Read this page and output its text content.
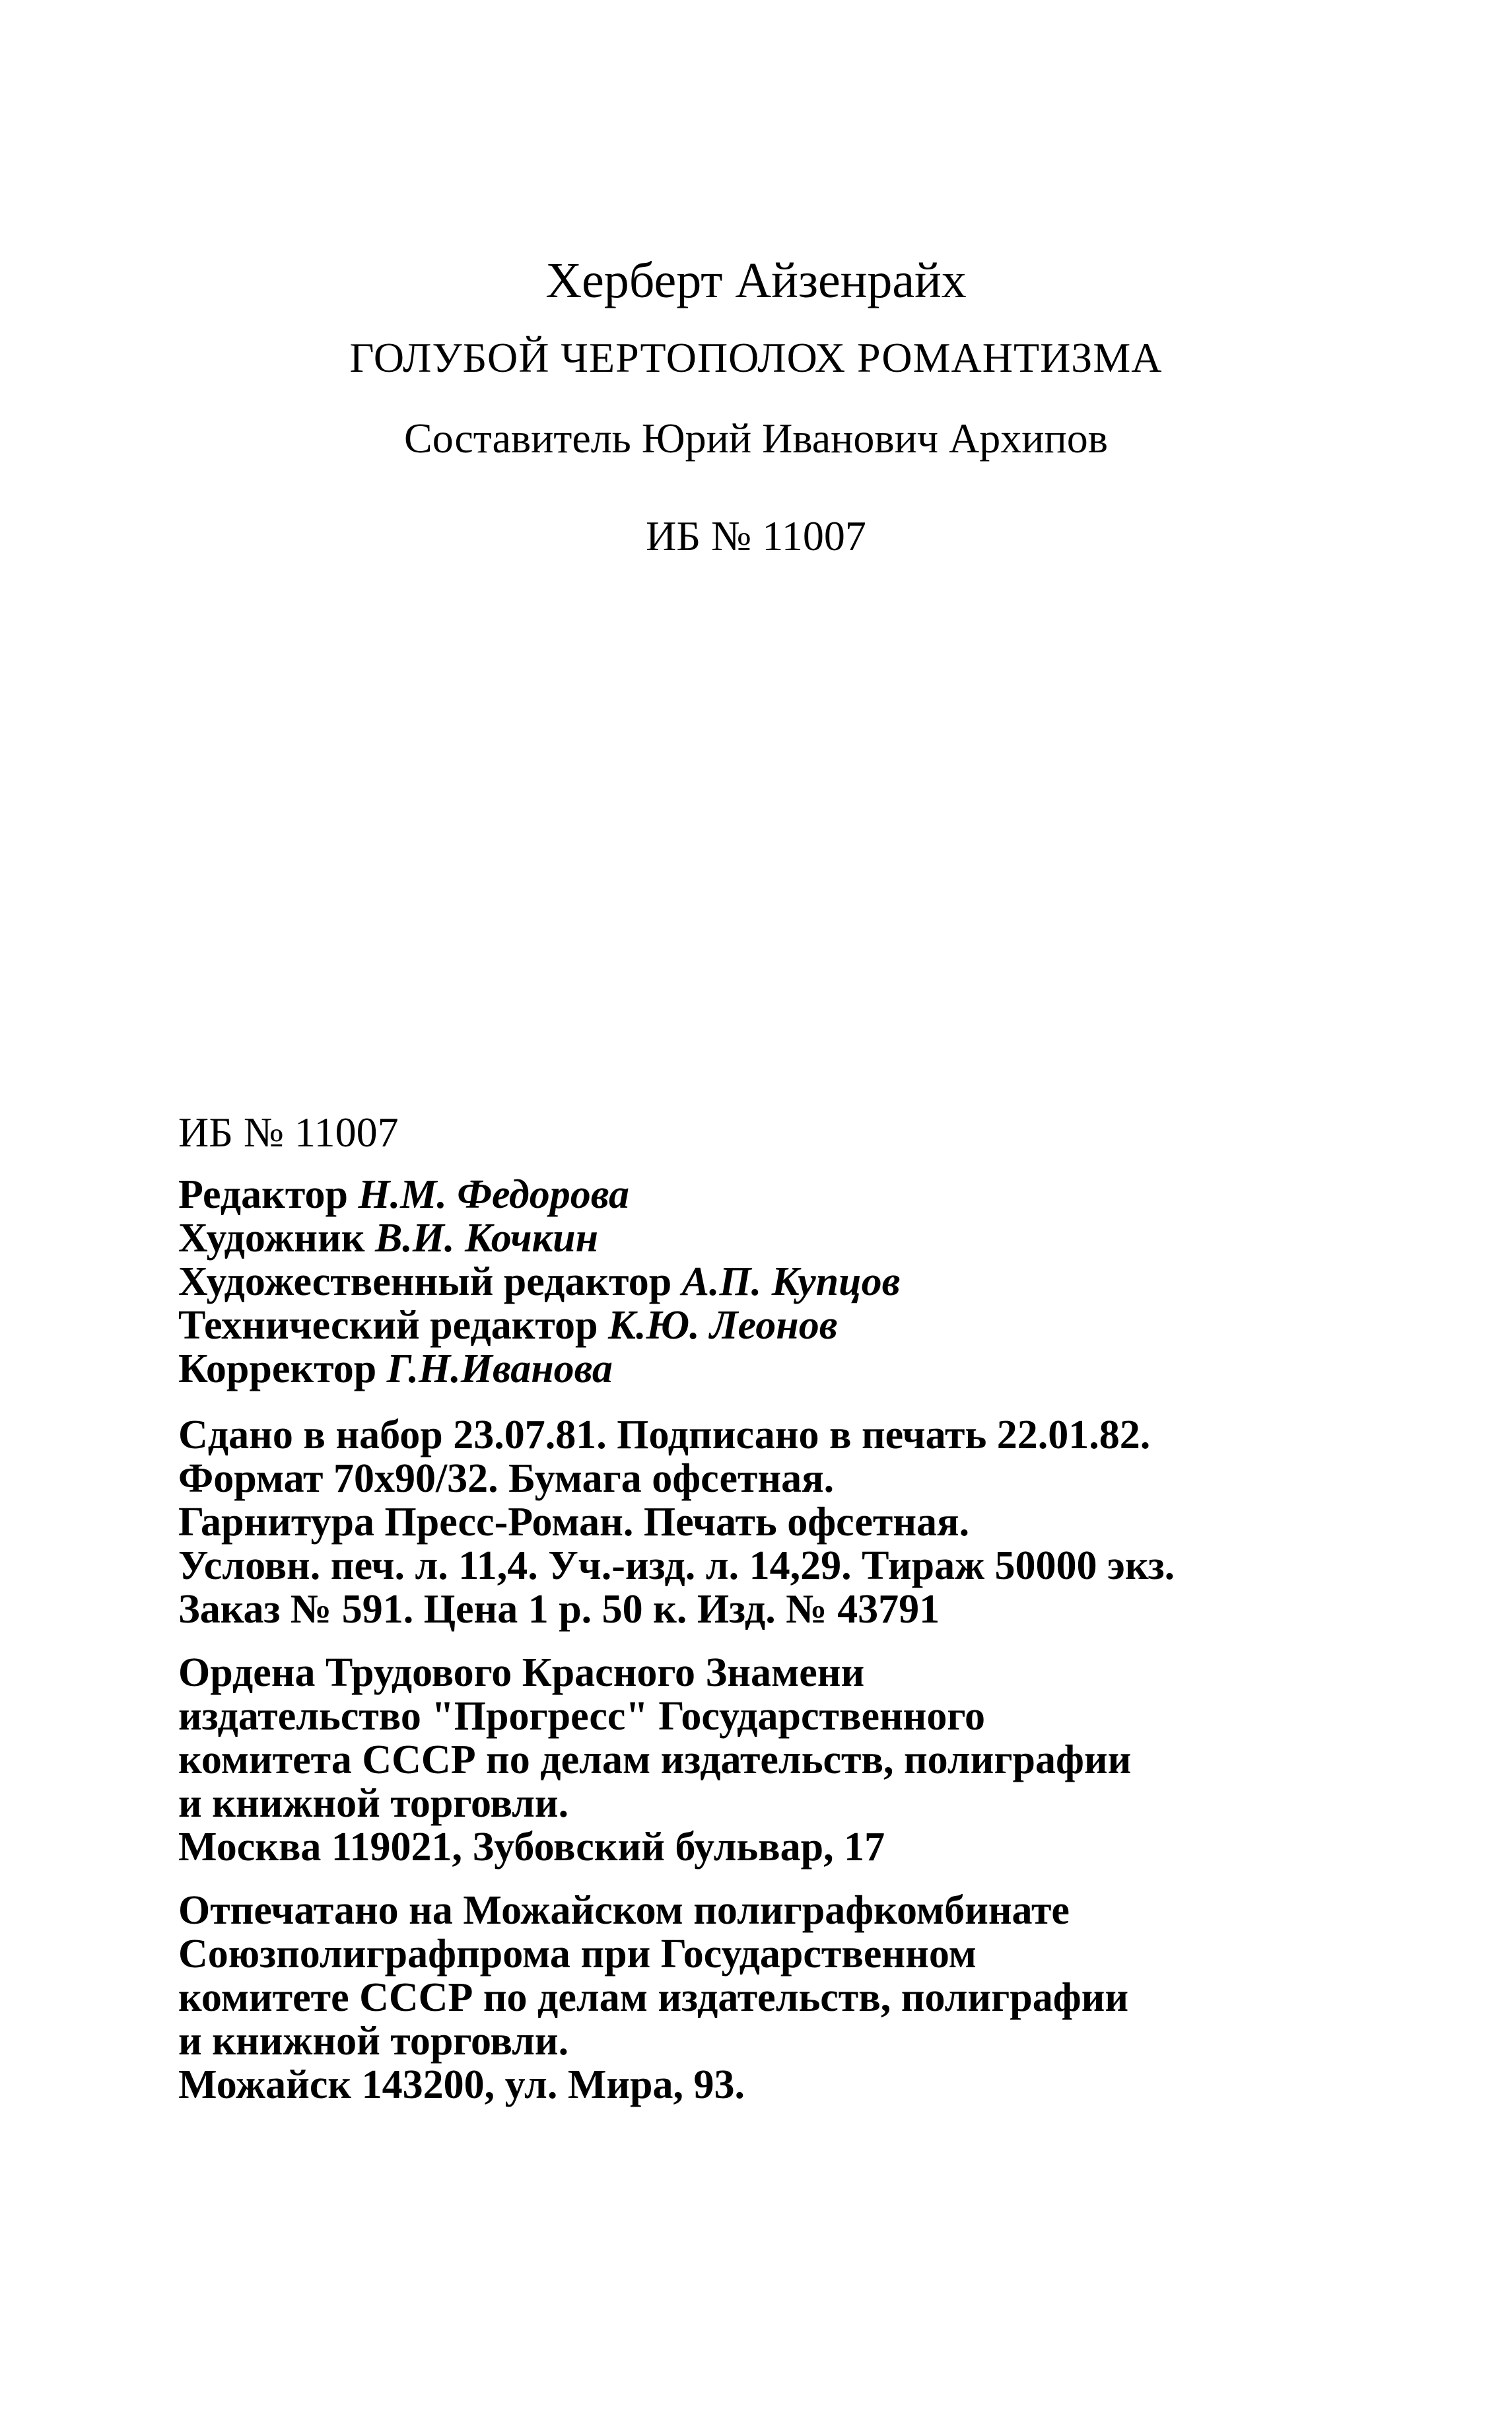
Херберт Айзенрайх
ГОЛУБОЙ ЧЕРТОПОЛОХ РОМАНТИЗМА
Составитель Юрий Иванович Архипов
ИБ № 11007
ИБ № 11007
Редактор Н.М. Федорова
Художник В.И. Кочкин
Художественный редактор А.П. Купцов
Технический редактор К.Ю. Леонов
Корректор Г.Н.Иванова
Сдано в набор 23.07.81. Подписано в печать 22.01.82.
Формат 70x90/32. Бумага офсетная.
Гарнитура Пресс-Роман. Печать офсетная.
Условн. печ. л. 11,4. Уч.-изд. л. 14,29. Тираж 50000 экз.
Заказ № 591. Цена 1 р. 50 к. Изд. № 43791
Ордена Трудового Красного Знамени
издательство "Прогресс" Государственного
комитета СССР по делам издательств, полиграфии
и книжной торговли.
Москва 119021, Зубовский бульвар, 17
Отпечатано на Можайском полиграфкомбинате
Союзполиграфпрома при Государственном
комитете СССР по делам издательств, полиграфии
и книжной торговли.
Можайск 143200, ул. Мира, 93.
